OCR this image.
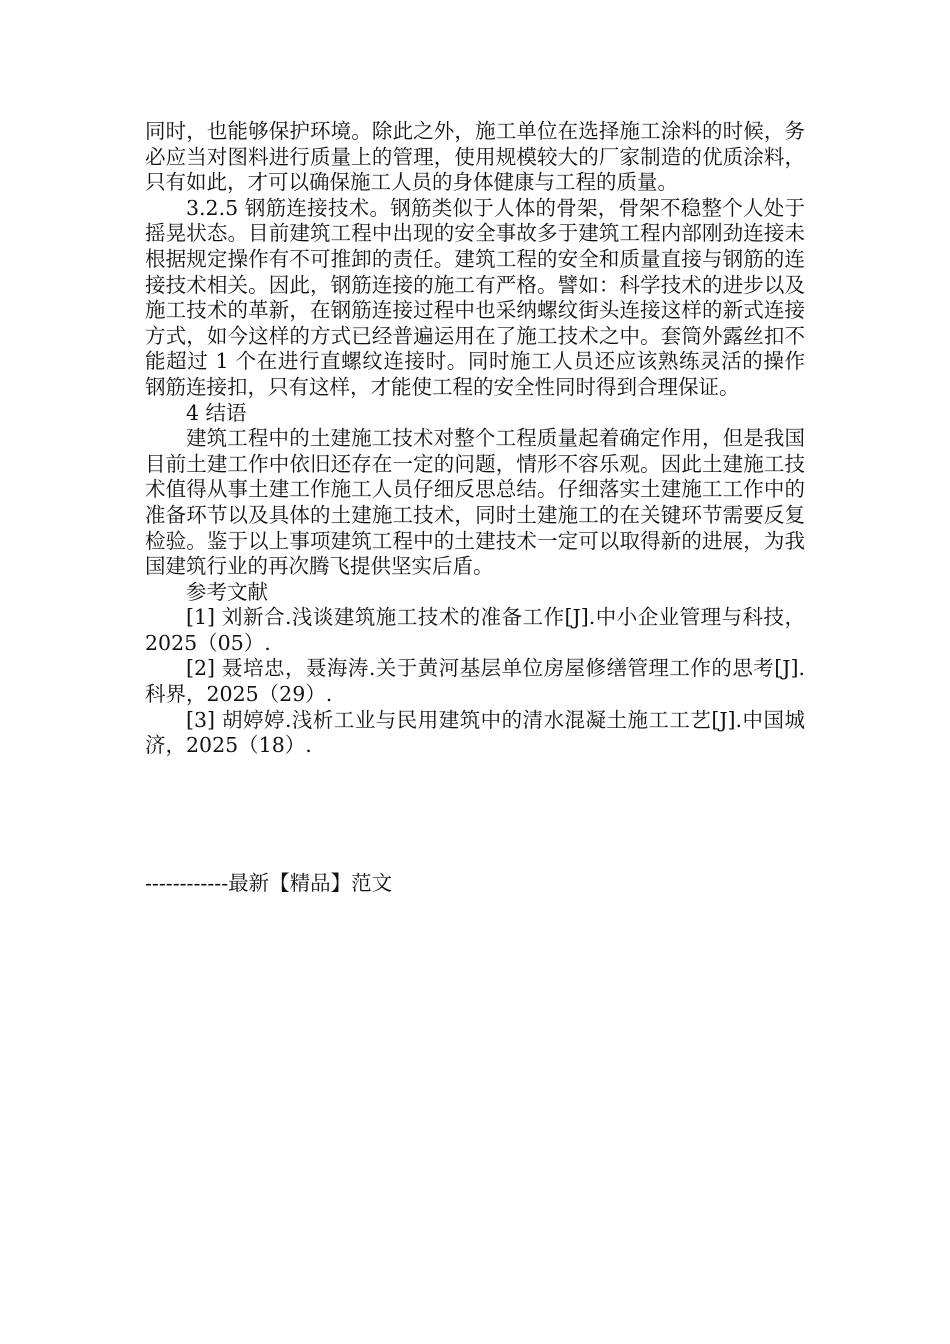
同时，也能够保护环境。除此之外，施工单位在选择施工涂料的时候，务必应当对图料进行质量上的管理，使用规模较大的厂家制造的优质涂料，只有如此，才可以确保施工人员的身体健康与工程的质量。

3.2.5 钢筋连接技术。钢筋类似于人体的骨架，骨架不稳整个人处于摇晃状态。目前建筑工程中出现的安全事故多于建筑工程内部刚劲连接未根据规定操作有不可推卸的责任。建筑工程的安全和质量直接与钢筋的连接技术相关。因此，钢筋连接的施工有严格。譬如：科学技术的进步以及施工技术的革新，在钢筋连接过程中也采纳螺纹街头连接这样的新式连接方式，如今这样的方式已经普遍运用在了施工技术之中。套筒外露丝扣不能超过 1 个在进行直螺纹连接时。同时施工人员还应该熟练灵活的操作钢筋连接扣，只有这样，才能使工程的安全性同时得到合理保证。

4 结语

建筑工程中的土建施工技术对整个工程质量起着确定作用，但是我国目前土建工作中依旧还存在一定的问题，情形不容乐观。因此土建施工技术值得从事土建工作施工人员仔细反思总结。仔细落实土建施工工作中的准备环节以及具体的土建施工技术，同时土建施工的在关键环节需要反复检验。鉴于以上事项建筑工程中的土建技术一定可以取得新的进展，为我国建筑行业的再次腾飞提供坚实后盾。

参考文献

[1] 刘新合.浅谈建筑施工技术的准备工作[J].中小企业管理与科技， 2025（05）.

[2] 聂培忠，聂海涛.关于黄河基层单位房屋修缮管理工作的思考[J].科界，2025（29）.

[3] 胡婷婷.浅析工业与民用建筑中的清水混凝土施工工艺[J].中国城济，2025（18）.

------------最新【精品】范文
